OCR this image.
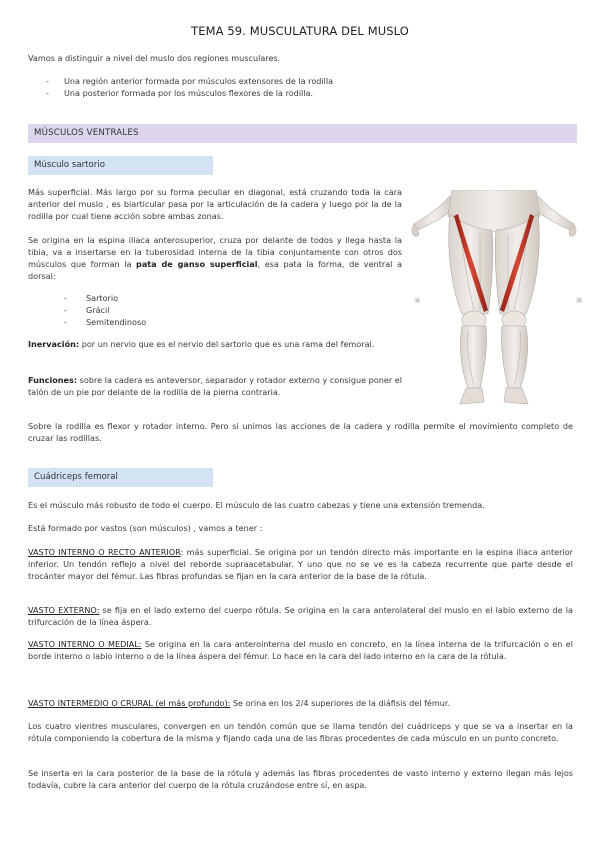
TEMA 59. MUSCULATURA DEL MUSLO
Vamos a distinguir a nivel del muslo dos regiones musculares.
- Una región anterior formada por músculos extensores de la rodilla
- Una posterior formada por los músculos flexores de la rodilla.
MÚSCULOS VENTRALES
Músculo sartorio
Más superficial. Más largo por su forma peculiar en diagonal, está cruzando toda la cara anterior del muslo , es biarticular pasa por la articulación de la cadera y luego por la de la rodilla por cual tiene acción sobre ambas zonas.
Se origina en la espina iliaca anterosuperior, cruza por delante de todos y llega hasta la tibia, va a insertarse en la tuberosidad interna de la tibia conjuntamente con otros dos músculos que forman la pata de ganso superficial, esa pata la forma, de ventral a dorsal:
- Sartorio
- Grácil
- Semitendinoso
Inervación: por un nervio que es el nervio del sartorio que es una rama del femoral.
Funciones: sobre la cadera es anteversor, separador y rotador externo y consigue poner el talón de un pie por delante de la rodilla de la pierna contraria.
Sobre la rodilla es flexor y rotador interno. Pero si unimos las acciones de la cadera y rodilla permite el movimiento completo de cruzar las rodillas.
▣	▣
Cuádriceps femoral
Es el músculo más robusto de todo el cuerpo. El músculo de las cuatro cabezas y tiene una extensión tremenda.
Está formado por vastos (son músculos) , vamos a tener :
VASTO INTERNO O RECTO ANTERIOR: más superficial. Se origina por un tendón directo más importante en la espina iliaca anterior inferior. Un tendón reflejo a nivel del reborde supraacetabular. Y uno que no se ve es la cabeza recurrente que parte desde el trocánter mayor del fémur. Las fibras profundas se fijan en la cara anterior de la base de la rótula.
VASTO EXTERNO: se fija en el lado externo del cuerpo rótula. Se origina en la cara anterolateral del muslo en el labio externo de la trifurcación de la línea áspera.
VASTO INTERNO O MEDIAL: Se origina en la cara anterointerna del muslo en concreto, en la línea interna de la trifurcación o en el borde interno o labio interno o de la línea áspera del fémur. Lo hace en la cara del lado interno en la cara de la rótula.
VASTO INTERMEDIO O CRURAL (el más profundo): Se orina en los 2/4 superiores de la diáfisis del fémur.
Los cuatro vientres musculares, convergen en un tendón común que se llama tendón del cuádriceps y que se va a insertar en la rótula componiendo la cobertura de la misma y fijando cada una de las fibras procedentes de cada músculo en un punto concreto.
Se inserta en la cara posterior de la base de la rótula y además las fibras procedentes de vasto interno y externo llegan más lejos todavía, cubre la cara anterior del cuerpo de la rótula cruzándose entre sí, en aspa.
